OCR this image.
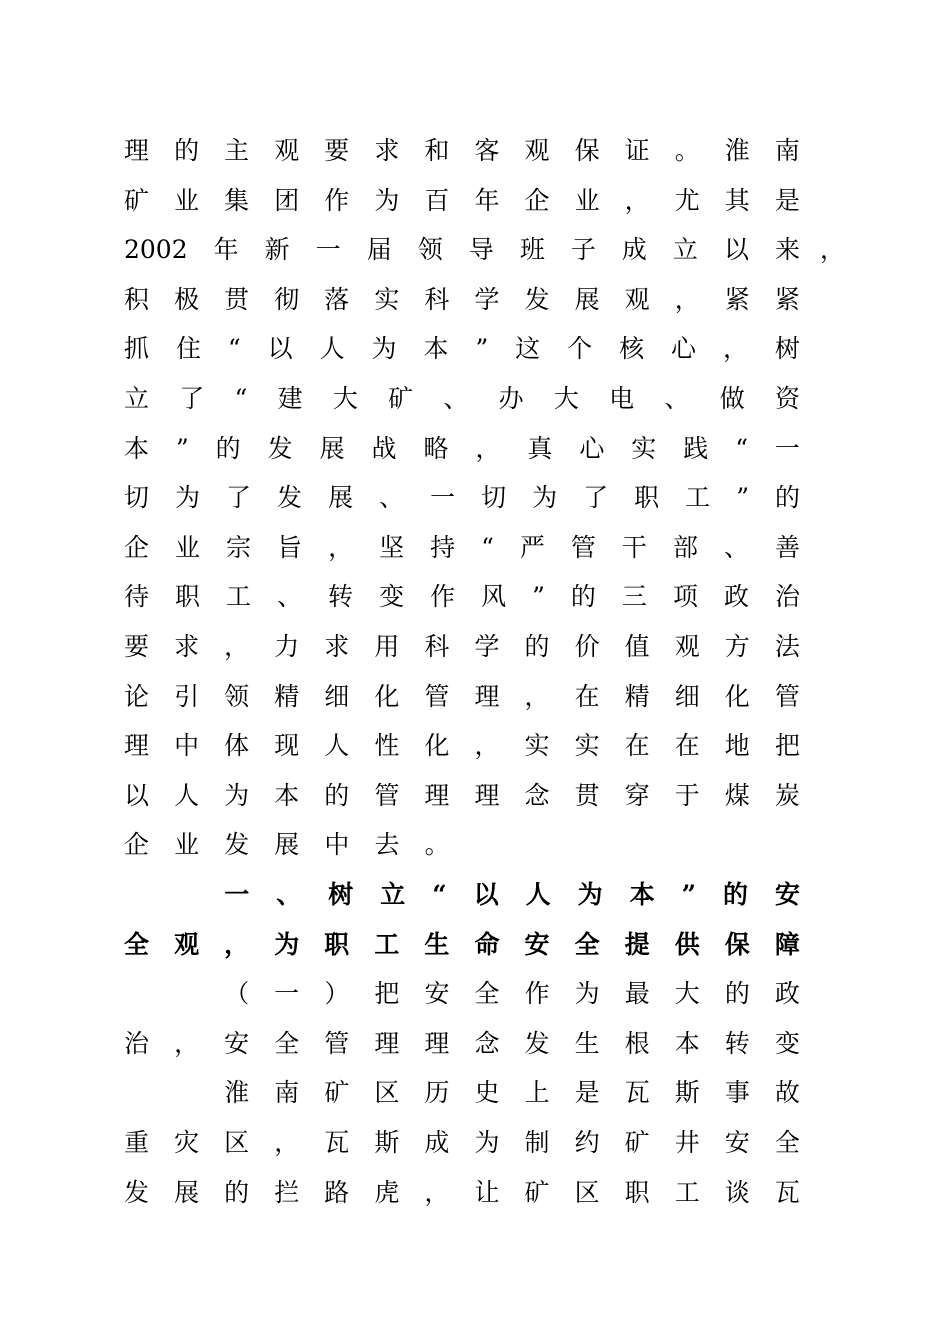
理 的 主 观 要 求 和 客 观 保 证 。 淮 南
矿 业 集 团 作 为 百 年 企 业 ， 尤 其 是
2002 年 新 一 届 领 导 班 子 成 立 以 来 ，
积 极 贯 彻 落 实 科 学 发 展 观 ， 紧 紧
抓 住 “ 以 人 为 本 ” 这 个 核 心 ， 树
立 了 “ 建 大 矿 、 办 大 电 、 做 资
本 ” 的 发 展 战 略 ， 真 心 实 践 “ 一
切 为 了 发 展 、 一 切 为 了 职 工 ” 的
企 业 宗 旨 ， 坚 持 “ 严 管 干 部 、 善
待 职 工 、 转 变 作 风 ” 的 三 项 政 治
要 求 ， 力 求 用 科 学 的 价 值 观 方 法
论 引 领 精 细 化 管 理 ， 在 精 细 化 管
理 中 体 现 人 性 化 ， 实 实 在 在 地 把
以 人 为 本 的 管 理 理 念 贯 穿 于 煤 炭
企	业	发	展	中	去	。
一 、 树 立 “ 以 人 为 本 ” 的 安
全 观 ， 为 职 工 生 命 安 全 提 供 保 障
（ 一 ） 把 安 全 作 为 最 大 的 政
治 ， 安 全 管 理 理 念 发 生 根 本 转 变
淮 南 矿 区 历 史 上 是 瓦 斯 事 故
重 灾 区 ， 瓦 斯 成 为 制 约 矿 井 安 全
发 展 的 拦 路 虎 ， 让 矿 区 职 工 谈 瓦
